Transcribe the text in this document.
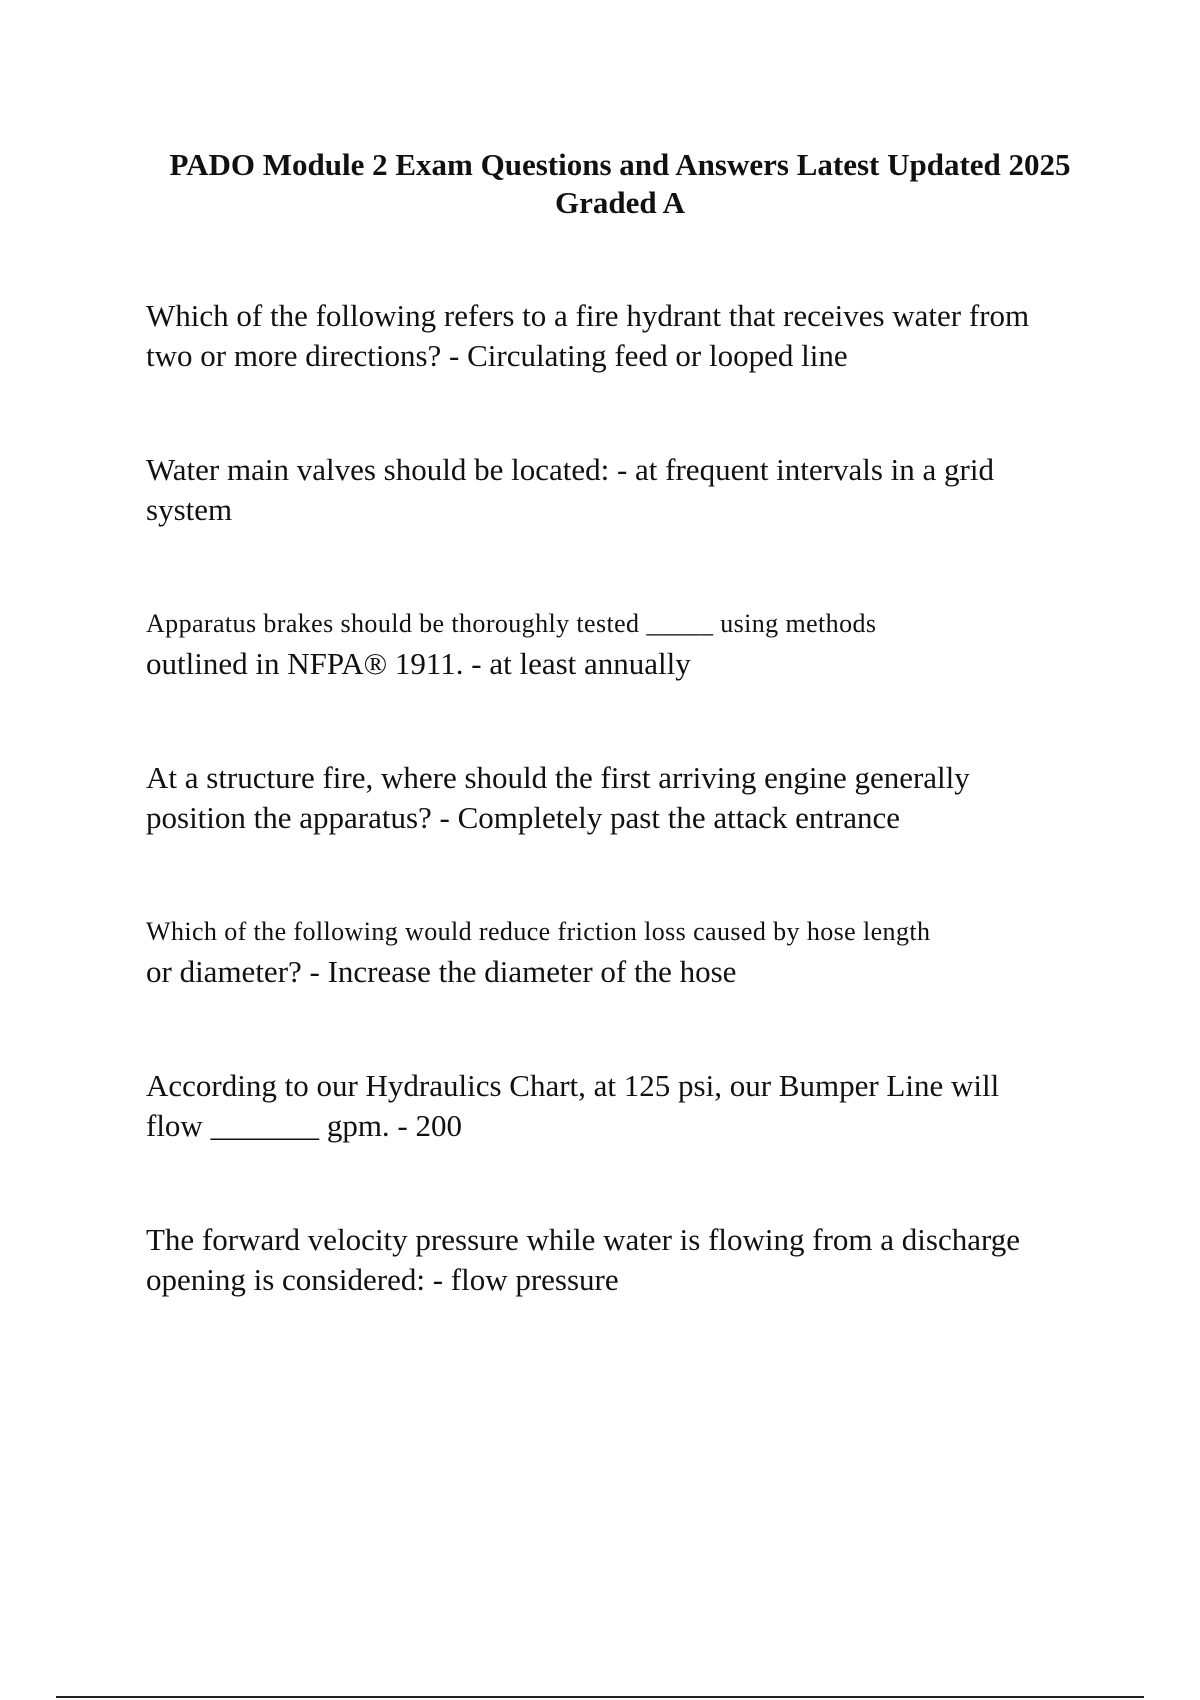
PADO Module 2 Exam Questions and Answers Latest Updated 2025
Graded A
Which of the following refers to a fire hydrant that receives water from
two or more directions? - Circulating feed or looped line
Water main valves should be located: - at frequent intervals in a grid
system
Apparatus brakes should be thoroughly tested _____ using methods
outlined in NFPA® 1911. - at least annually
At a structure fire, where should the first arriving engine generally
position the apparatus? - Completely past the attack entrance
Which of the following would reduce friction loss caused by hose length
or diameter? - Increase the diameter of the hose
According to our Hydraulics Chart, at 125 psi, our Bumper Line will
flow _______ gpm. - 200
The forward velocity pressure while water is flowing from a discharge
opening is considered: - flow pressure
